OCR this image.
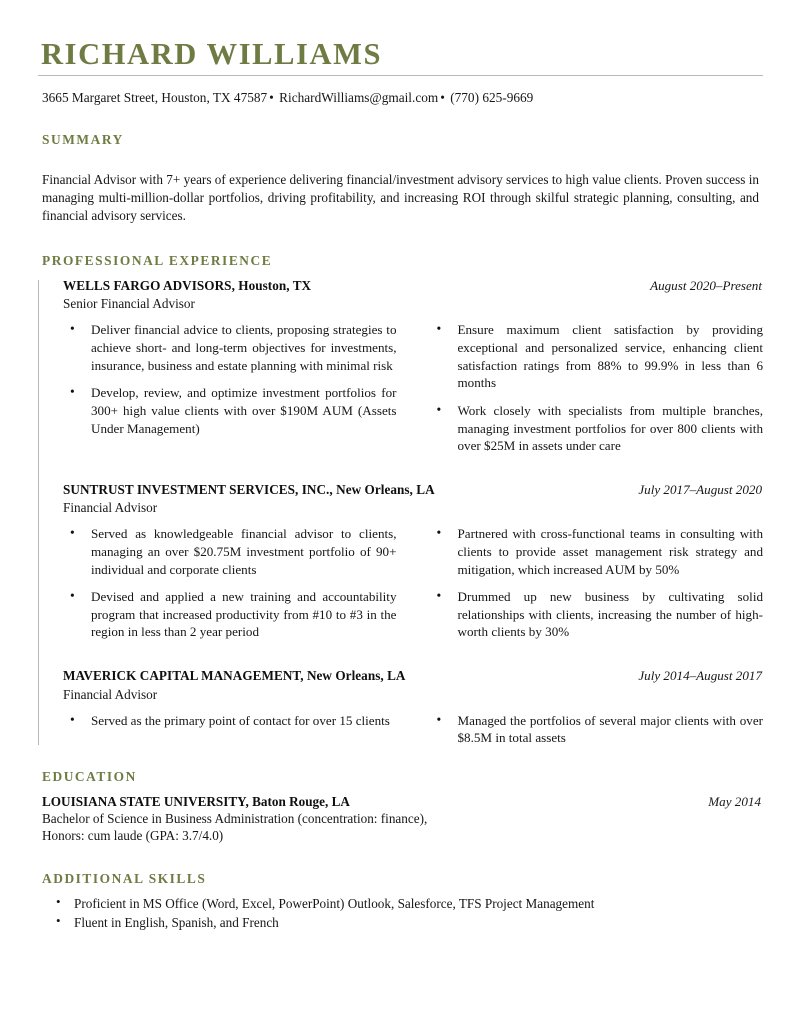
RICHARD WILLIAMS
3665 Margaret Street, Houston, TX 47587 • RichardWilliams@gmail.com • (770) 625-9669
SUMMARY

Financial Advisor with 7+ years of experience delivering financial/investment advisory services to high value clients. Proven success in managing multi-million-dollar portfolios, driving profitability, and increasing ROI through skilful strategic planning, consulting, and financial advisory services.

PROFESSIONAL EXPERIENCE
WELLS FARGO ADVISORS, Houston, TX	August 2020–Present
Senior Financial Advisor
• Deliver financial advice to clients, proposing strategies to achieve short- and long-term objectives for investments, insurance, business and estate planning with minimal risk
• Develop, review, and optimize investment portfolios for 300+ high value clients with over $190M AUM (Assets Under Management)
• Ensure maximum client satisfaction by providing exceptional and personalized service, enhancing client satisfaction ratings from 88% to 99.9% in less than 6 months
• Work closely with specialists from multiple branches, managing investment portfolios for over 800 clients with over $25M in assets under care
SUNTRUST INVESTMENT SERVICES, INC., New Orleans, LA	July 2017–August 2020
Financial Advisor
• Served as knowledgeable financial advisor to clients, managing an over $20.75M investment portfolio of 90+ individual and corporate clients
• Devised and applied a new training and accountability program that increased productivity from #10 to #3 in the region in less than 2 year period
• Partnered with cross-functional teams in consulting with clients to provide asset management risk strategy and mitigation, which increased AUM by 50%
• Drummed up new business by cultivating solid relationships with clients, increasing the number of high-worth clients by 30%
MAVERICK CAPITAL MANAGEMENT, New Orleans, LA	July 2014–August 2017
Financial Advisor
• Served as the primary point of contact for over 15 clients	• Managed the portfolios of several major clients with over $8.5M in total assets
EDUCATION
LOUISIANA STATE UNIVERSITY, Baton Rouge, LA	May 2014
Bachelor of Science in Business Administration (concentration: finance),
Honors: cum laude (GPA: 3.7/4.0)
ADDITIONAL SKILLS
• Proficient in MS Office (Word, Excel, PowerPoint) Outlook, Salesforce, TFS Project Management
• Fluent in English, Spanish, and French
